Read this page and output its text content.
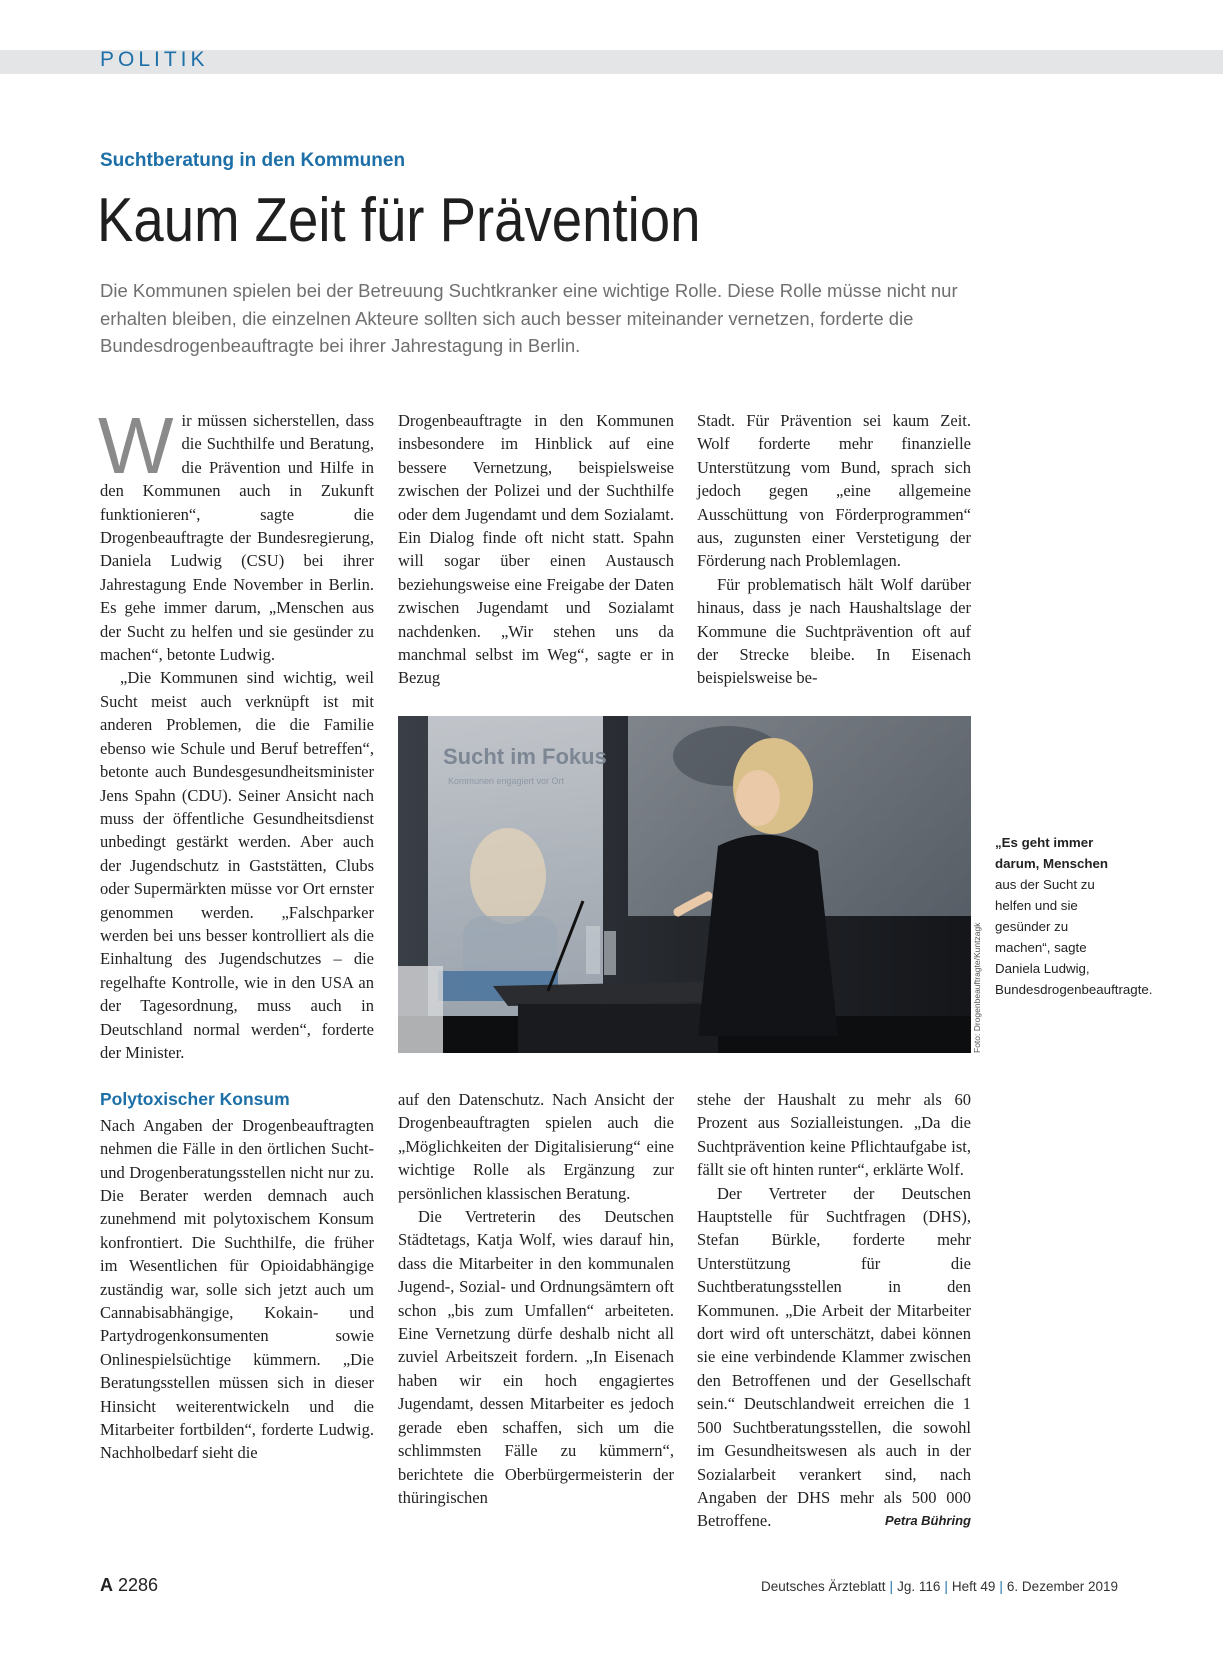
POLITIK
Suchtberatung in den Kommunen
Kaum Zeit für Prävention
Die Kommunen spielen bei der Betreuung Suchtkranker eine wichtige Rolle. Diese Rolle müsse nicht nur erhalten bleiben, die einzelnen Akteure sollten sich auch besser miteinander vernetzen, forderte die Bundesdrogenbeauftragte bei ihrer Jahrestagung in Berlin.
W ir müssen sicherstellen, dass die Suchthilfe und Beratung, die Prävention und Hilfe in den Kommunen auch in Zukunft funktionieren“, sagte die Drogenbeauftragte der Bundesregierung, Daniela Ludwig (CSU) bei ihrer Jahrestagung Ende November in Berlin. Es gehe immer darum, „Menschen aus der Sucht zu helfen und sie gesünder zu machen“, betonte Ludwig.

„Die Kommunen sind wichtig, weil Sucht meist auch verknüpft ist mit anderen Problemen, die die Familie ebenso wie Schule und Beruf betreffen“, betonte auch Bundesgesundheitsminister Jens Spahn (CDU). Seiner Ansicht nach muss der öffentliche Gesundheitsdienst unbedingt gestärkt werden. Aber auch der Jugendschutz in Gaststätten, Clubs oder Supermärkten müsse vor Ort ernster genommen werden. „Falschparker werden bei uns besser kontrolliert als die Einhaltung des Jugendschutzes – die regelhafte Kontrolle, wie in den USA an der Tagesordnung, muss auch in Deutschland normal werden“, forderte der Minister.

Polytoxischer Konsum

Nach Angaben der Drogenbeauftragten nehmen die Fälle in den örtlichen Sucht- und Drogenberatungsstellen nicht nur zu. Die Berater werden demnach auch zunehmend mit polytoxischem Konsum konfrontiert. Die Suchthilfe, die früher im Wesentlichen für Opioidabhängige zuständig war, solle sich jetzt auch um Cannabisabhängige, Kokain- und Partydrogenkonsumenten sowie Onlinespielsüchtige kümmern. „Die Beratungsstellen müssen sich in dieser Hinsicht weiterentwickeln und die Mitarbeiter fortbilden“, forderte Ludwig. Nachholbedarf sieht die

Drogenbeauftragte in den Kommunen insbesondere im Hinblick auf eine bessere Vernetzung, beispielsweise zwischen der Polizei und der Suchthilfe oder dem Jugendamt und dem Sozialamt. Ein Dialog finde oft nicht statt. Spahn will sogar über einen Austausch beziehungsweise eine Freigabe der Daten zwischen Jugendamt und Sozialamt nachdenken. „Wir stehen uns da manchmal selbst im Weg“, sagte er in Bezug

Stadt. Für Prävention sei kaum Zeit. Wolf forderte mehr finanzielle Unterstützung vom Bund, sprach sich jedoch gegen „eine allgemeine Ausschüttung von Förderprogrammen“ aus, zugunsten einer Verstetigung der Förderung nach Problemlagen.

Für problematisch hält Wolf darüber hinaus, dass je nach Haushaltslage der Kommune die Suchtprävention oft auf der Strecke bleibe. In Eisenach beispielsweise be-

Sucht im Fokus
Kommunen engagiert vor Ort
Foto: Drogenbeauftragte/Kuntzagk
„Es geht immer darum, Menschen aus der Sucht zu helfen und sie gesünder zu machen“, sagte Daniela Ludwig, Bundesdrogenbeauftragte.

auf den Datenschutz. Nach Ansicht der Drogenbeauftragten spielen auch die „Möglichkeiten der Digitalisierung“ eine wichtige Rolle als Ergänzung zur persönlichen klassischen Beratung.

Die Vertreterin des Deutschen Städtetags, Katja Wolf, wies darauf hin, dass die Mitarbeiter in den kommunalen Jugend-, Sozial- und Ordnungsämtern oft schon „bis zum Umfallen“ arbeiteten. Eine Vernetzung dürfe deshalb nicht all zuviel Arbeitszeit fordern. „In Eisenach haben wir ein hoch engagiertes Jugendamt, dessen Mitarbeiter es jedoch gerade eben schaffen, sich um die schlimmsten Fälle zu kümmern“, berichtete die Oberbürgermeisterin der thüringischen

stehe der Haushalt zu mehr als 60 Prozent aus Sozialleistungen. „Da die Suchtprävention keine Pflichtaufgabe ist, fällt sie oft hinten runter“, erklärte Wolf.

Der Vertreter der Deutschen Hauptstelle für Suchtfragen (DHS), Stefan Bürkle, forderte mehr Unterstützung für die Suchtberatungsstellen in den Kommunen. „Die Arbeit der Mitarbeiter dort wird oft unterschätzt, dabei können sie eine verbindende Klammer zwischen den Betroffenen und der Gesellschaft sein.“ Deutschlandweit erreichen die 1 500 Suchtberatungsstellen, die sowohl im Gesundheitswesen als auch in der Sozialarbeit verankert sind, nach Angaben der DHS mehr als 500 000 Betroffene.	Petra Bühring

A 2286	Deutsches Ärzteblatt | Jg. 116 | Heft 49 | 6. Dezember 2019
